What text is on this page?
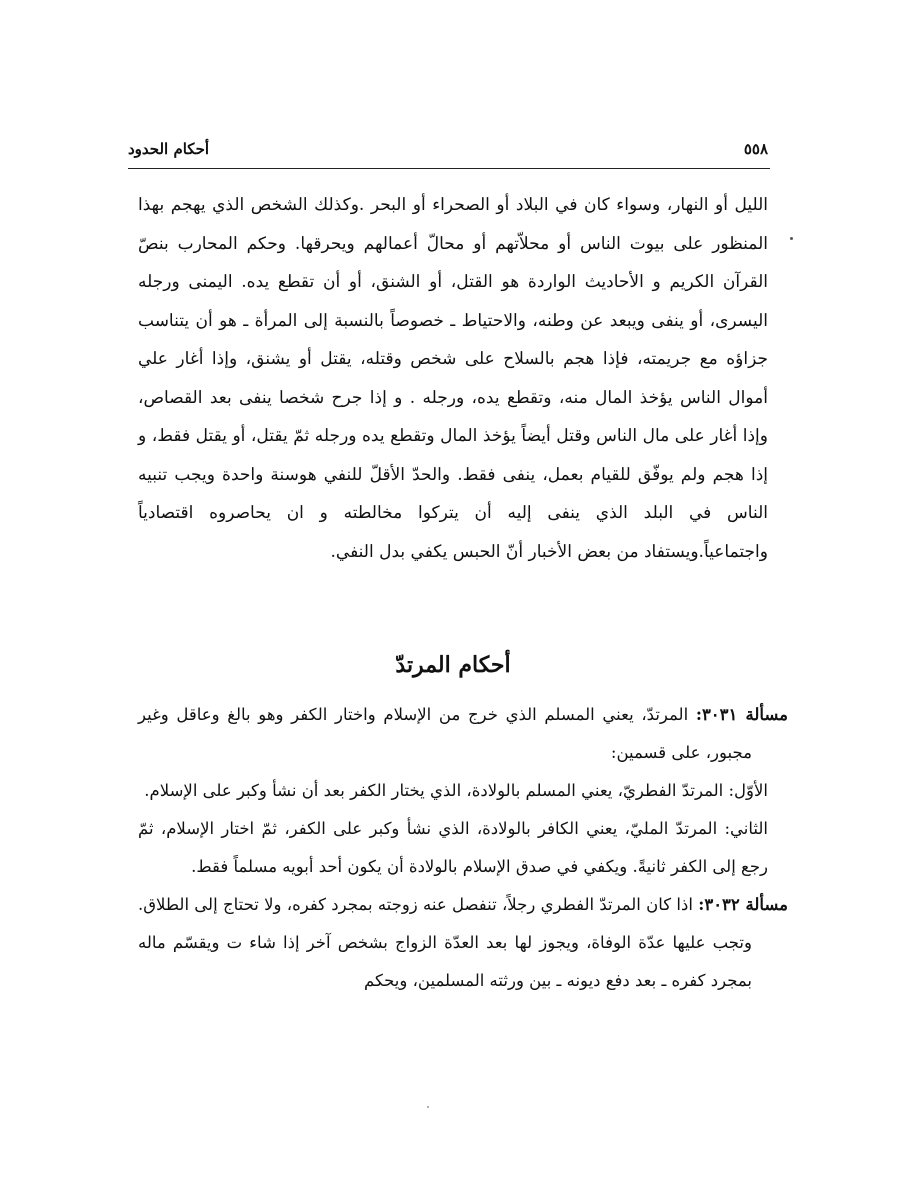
أحكام الحدود	٥٥٨

الليل أو النهار، وسواء كان في البلاد أو الصحراء أو البحر .وكذلك الشخص الذي يهجم بهذا المنظور على بيوت الناس أو محلاّتهم أو محالّ أعمالهم ويحرقها. وحكم المحارب بنصّ القرآن الكريم و الأحاديث الواردة هو القتل، أو الشنق، أو أن تقطع يده. اليمنى ورجله اليسرى، أو ينفى ويبعد عن وطنه، والاحتياط ـ خصوصاً بالنسبة إلى المرأة ـ هو أن يتناسب جزاؤه مع جريمته، فإذا هجم بالسلاح على شخص وقتله، يقتل أو يشنق، وإذا أغار علي أموال الناس يؤخذ المال منه، وتقطع يده، ورجله . و إذا جرح شخصا ينفى بعد القصاص، وإذا أغار على مال الناس وقتل أيضاً يؤخذ المال وتقطع يده ورجله ثمّ يقتل، أو يقتل فقط، و إذا هجم ولم يوفّق للقيام بعمل، ينفى فقط. والحدّ الأقلّ للنفي هوسنة واحدة ويجب تنبيه الناس في البلد الذي ينفى إليه أن يتركوا مخالطته و ان يحاصروه اقتصادياً واجتماعياً.ويستفاد من بعض الأخبار أنّ الحبس يكفي بدل النفي.

أحكام المرتدّ

مسألة ٣٠٣١: المرتدّ، يعني المسلم الذي خرج من الإسلام واختار الكفر وهو بالغ وعاقل وغير مجبور، على قسمين:

الأوّل: المرتدّ الفطريّ، يعني المسلم بالولادة، الذي يختار الكفر بعد أن نشأ وكبر على الإسلام.

الثاني: المرتدّ المليّ، يعني الكافر بالولادة، الذي نشأ وكبر على الكفر، ثمّ اختار الإسلام، ثمّ رجع إلى الكفر ثانيةً. ويكفي في صدق الإسلام بالولادة أن يكون أحد أبويه مسلماً فقط.

مسألة ٣٠٣٢: اذا كان المرتدّ الفطري رجلاً، تنفصل عنه زوجته بمجرد كفره، ولا تحتاج إلى الطلاق. وتجب عليها عدّة الوفاة، ويجوز لها بعد العدّة الزواج بشخص آخر إذا شاء ت ويقسّم ماله بمجرد كفره ـ بعد دفع ديونه ـ بين ورثته المسلمين، ويحكم
